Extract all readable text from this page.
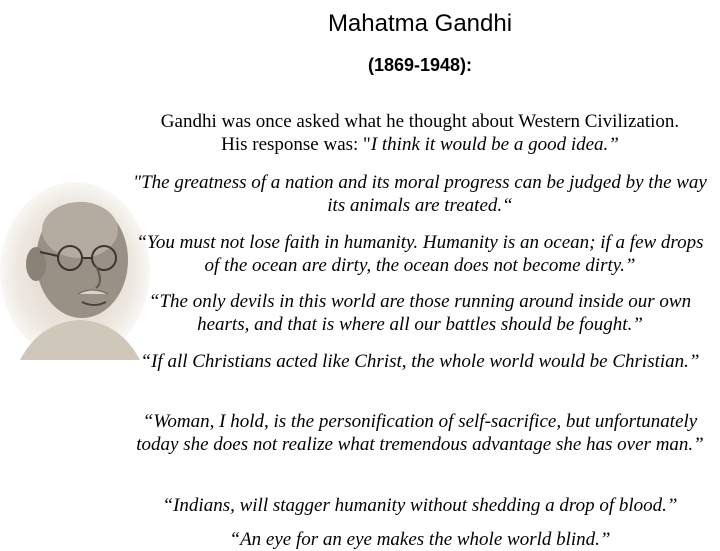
Mahatma Gandhi
(1869-1948):
Gandhi was once asked what he thought about Western Civilization.
His response was: "I think it would be a good idea.”
"The greatness of a nation and its moral progress can be judged by the way its animals are treated.“
“You must not lose faith in humanity. Humanity is an ocean; if a few drops of the ocean are dirty, the ocean does not become dirty.”
“The only devils in this world are those running around inside our own hearts, and that is where all our battles should be fought.”
“If all Christians acted like Christ, the whole world would be Christian.”
“Woman, I hold, is the personification of self-sacrifice, but unfortunately today she does not realize what tremendous advantage she has over man.”
“Indians, will stagger humanity without shedding a drop of blood.”
“An eye for an eye makes the whole world blind.”
